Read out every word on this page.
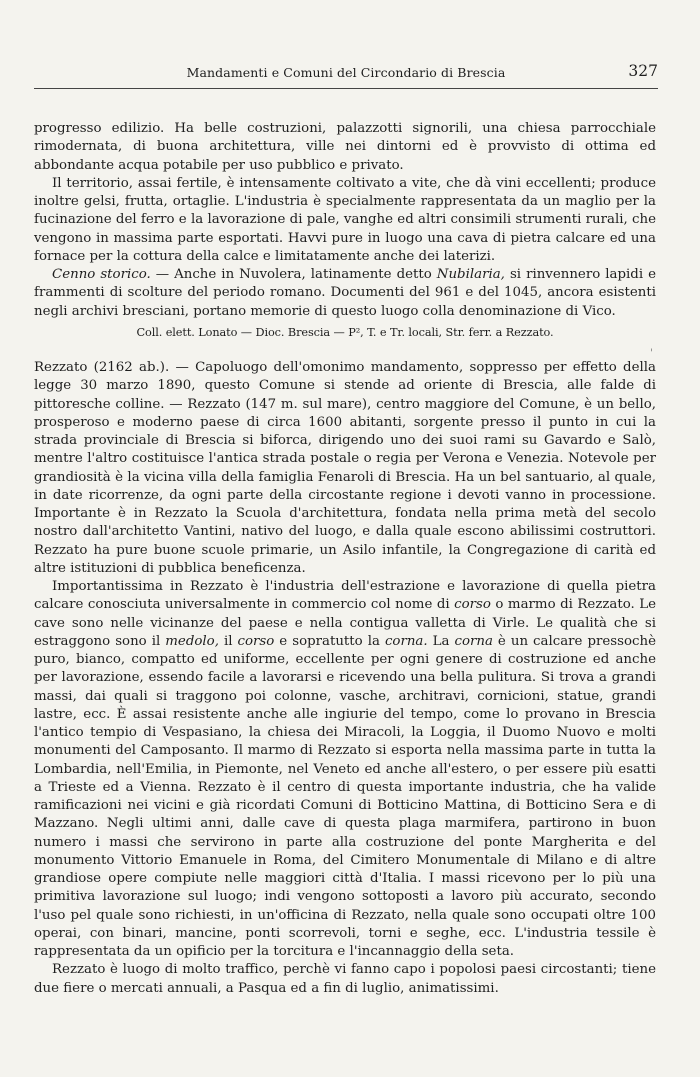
Mandamenti e Comuni del Circondario di Brescia	327

progresso edilizio. Ha belle costruzioni, palazzotti signorili, una chiesa parrocchiale rimodernata, di buona architettura, ville nei dintorni ed è provvisto di ottima ed abbondante acqua potabile per uso pubblico e privato.

Il territorio, assai fertile, è intensamente coltivato a vite, che dà vini eccellenti; produce inoltre gelsi, frutta, ortaglie. L'industria è specialmente rappresentata da un maglio per la fucinazione del ferro e la lavorazione di pale, vanghe ed altri consimili strumenti rurali, che vengono in massima parte esportati. Havvi pure in luogo una cava di pietra calcare ed una fornace per la cottura della calce e limitatamente anche dei laterizi.

Cenno storico. — Anche in Nuvolera, latinamente detto Nubilaria, si rinvennero lapidi e frammenti di scolture del periodo romano. Documenti del 961 e del 1045, ancora esistenti negli archivi bresciani, portano memorie di questo luogo colla denominazione di Vico.

Coll. elett. Lonato — Dioc. Brescia — P², T. e Tr. locali, Str. ferr. a Rezzato.

Rezzato (2162 ab.). — Capoluogo dell'omonimo mandamento, soppresso per effetto della legge 30 marzo 1890, questo Comune si stende ad oriente di Brescia, alle falde di pittoresche colline. — Rezzato (147 m. sul mare), centro maggiore del Comune, è un bello, prosperoso e moderno paese di circa 1600 abitanti, sorgente presso il punto in cui la strada provinciale di Brescia si biforca, dirigendo uno dei suoi rami su Gavardo e Salò, mentre l'altro costituisce l'antica strada postale o regia per Verona e Venezia. Notevole per grandiosità è la vicina villa della famiglia Fenaroli di Brescia. Ha un bel santuario, al quale, in date ricorrenze, da ogni parte della circostante regione i devoti vanno in processione. Importante è in Rezzato la Scuola d'architettura, fondata nella prima metà del secolo nostro dall'architetto Vantini, nativo del luogo, e dalla quale escono abilissimi costruttori. Rezzato ha pure buone scuole primarie, un Asilo infantile, la Congregazione di carità ed altre istituzioni di pubblica beneficenza.

Importantissima in Rezzato è l'industria dell'estrazione e lavorazione di quella pietra calcare conosciuta universalmente in commercio col nome di corso o marmo di Rezzato. Le cave sono nelle vicinanze del paese e nella contigua valletta di Virle. Le qualità che si estraggono sono il medolo, il corso e sopratutto la corna. La corna è un calcare pressochè puro, bianco, compatto ed uniforme, eccellente per ogni genere di costruzione ed anche per lavorazione, essendo facile a lavorarsi e ricevendo una bella pulitura. Si trova a grandi massi, dai quali si traggono poi colonne, vasche, architravi, cornicioni, statue, grandi lastre, ecc. È assai resistente anche alle ingiurie del tempo, come lo provano in Brescia l'antico tempio di Vespasiano, la chiesa dei Miracoli, la Loggia, il Duomo Nuovo e molti monumenti del Camposanto. Il marmo di Rezzato si esporta nella massima parte in tutta la Lombardia, nell'Emilia, in Piemonte, nel Veneto ed anche all'estero, o per essere più esatti a Trieste ed a Vienna. Rezzato è il centro di questa importante industria, che ha valide ramificazioni nei vicini e già ricordati Comuni di Botticino Mattina, di Botticino Sera e di Mazzano. Negli ultimi anni, dalle cave di questa plaga marmifera, partirono in buon numero i massi che servirono in parte alla costruzione del ponte Margherita e del monumento Vittorio Emanuele in Roma, del Cimitero Monumentale di Milano e di altre grandiose opere compiute nelle maggiori città d'Italia. I massi ricevono per lo più una primitiva lavorazione sul luogo; indi vengono sottoposti a lavoro più accurato, secondo l'uso pel quale sono richiesti, in un'officina di Rezzato, nella quale sono occupati oltre 100 operai, con binari, mancine, ponti scorrevoli, torni e seghe, ecc. L'industria tessile è rappresentata da un opificio per la torcitura e l'incannaggio della seta.

Rezzato è luogo di molto traffico, perchè vi fanno capo i popolosi paesi circostanti; tiene due fiere o mercati annuali, a Pasqua ed a fin di luglio, animatissimi.

'
